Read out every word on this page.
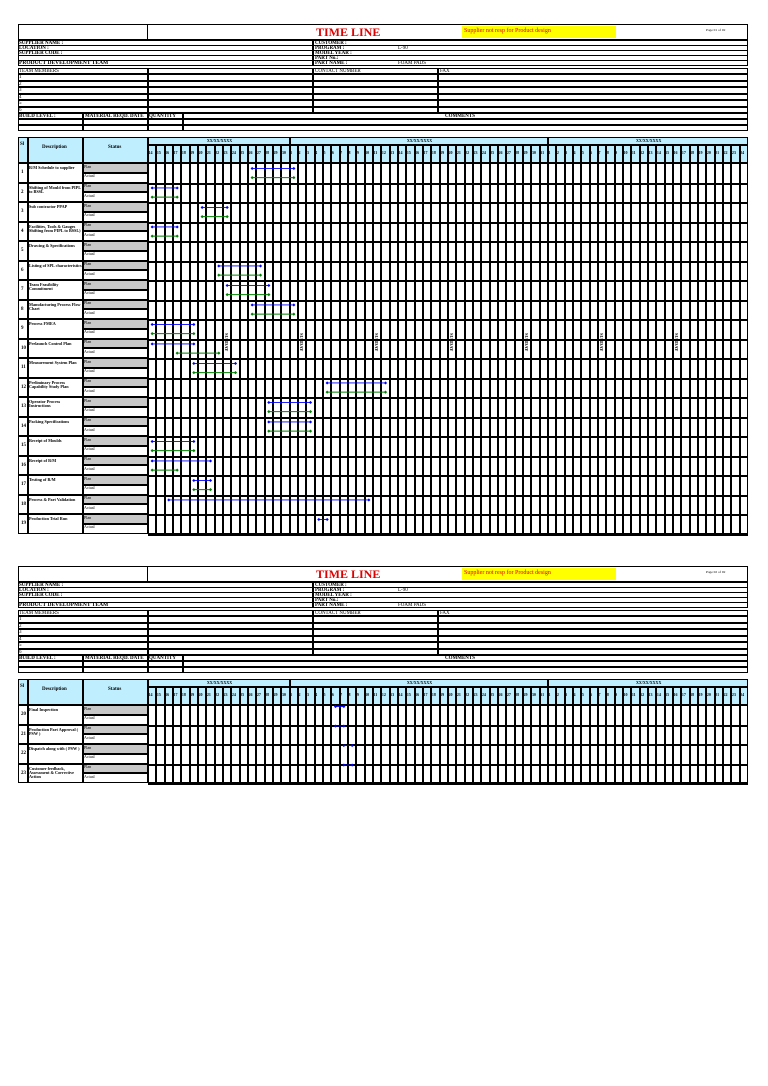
TIME LINE	Supplier not resp for Product design	Page 01 of 02
SUPPLIER NAME :	CUSTOMER :
LOCATION :	PROGRAM :	L-90
SUPPLIER CODE :	MODEL YEAR :
PART No.:
PART NAME :	FOAM PADS
PRODUCT DEVELOPMENT TEAM
TEAM MEMBERS	CONTACT NUMBER	FAX
1
2
3
4
5
6
BUILD LEVEL :	MATERIAL REQD. DATE QUANTITY	COMMENTS
Sl
Description	Status
XX/XX/XXXX	XX/XX/XXXX	XX/XX/XXXX
14 15 16 17 18 19 20 21 22 23 24 25 26 27 28 29 30 1 2 3 4 5 6 7 8 9 10 11 12 13 14 15 16 17 18 19 20 21 22 23 24 25 26 27 28 29 30 31 1 2 3 4 5 6 7 8 9 10 11 12 13 14 15 16 17 18 19 20 21 22 23 24
1
R/M Schedule to supplier	Plan
Actual
2
Shifting of Mould from PIPL to BSSL
Plan
Actual
3
Sub contractor PPAP	Plan
Actual
4
Facilities, Tools & Gauges Shifting from PIPL to BSSL)
Plan
Actual
5
Drawing & Specifications	Plan
Actual
6
Listing of SPL characteristics Plan
Actual
7
Team Feasibility Commitment
Plan
Actual
8
Manufacturing Process Flow Chart
Plan
Actual
9
Process FMEA	Plan
Actual
10
Prelaunch Control Plan	Plan
Actual
11
Measurement System Plan	Plan
Actual
12
Preliminary Process Capability Study Plan
Plan
Actual
13
Operator Process Instructions
Plan
Actual
14
Packing Specifications	Plan
Actual
15
Receipt of Moulds	Plan
Actual
16
Receipt of R/M	Plan
Actual
17
Testing of R/M	Plan
Actual
18
Process & Part Validation	Plan
Actual
19
Production Trial Run	Plan
Actual
SUNDAY	SUNDAY	SUNDAY	SUNDAY	SUNDAY	SUNDAY	SUNDAY
TIME LINE	Supplier not resp for Product design	Page 02 of 02
SUPPLIER NAME :	CUSTOMER :
LOCATION :	PROGRAM :	L-90
SUPPLIER CODE :	MODEL YEAR :
PART No.:
PART NAME :	FOAM PADS
PRODUCT DEVELOPMENT TEAM
TEAM MEMBERS	CONTACT NUMBER	FAX
1
2
3
4
5
6
BUILD LEVEL :	MATERIAL REQD. DATE QUANTITY	COMMENTS
Sl
Description	Status
XX/XX/XXXX	XX/XX/XXXX	XX/XX/XXXX
14 15 16 17 18 19 20 21 22 23 24 25 26 27 28 29 30 1 2 3 4 5 6 7 8 9 10 11 12 13 14 15 16 17 18 19 20 21 22 23 24 25 26 27 28 29 30 31 1 2 3 4 5 6 7 8 9 10 11 12 13 14 15 16 17 18 19 20 21 22 23 24
20
Final Inspection	Plan
Actual
21
Production Part Approval ( PSW )
Plan
Actual
22
Dispatch along with ( PSW )	Plan
Actual
23
Customer feedback, Assessment & Corrective Action
Plan
Actual
